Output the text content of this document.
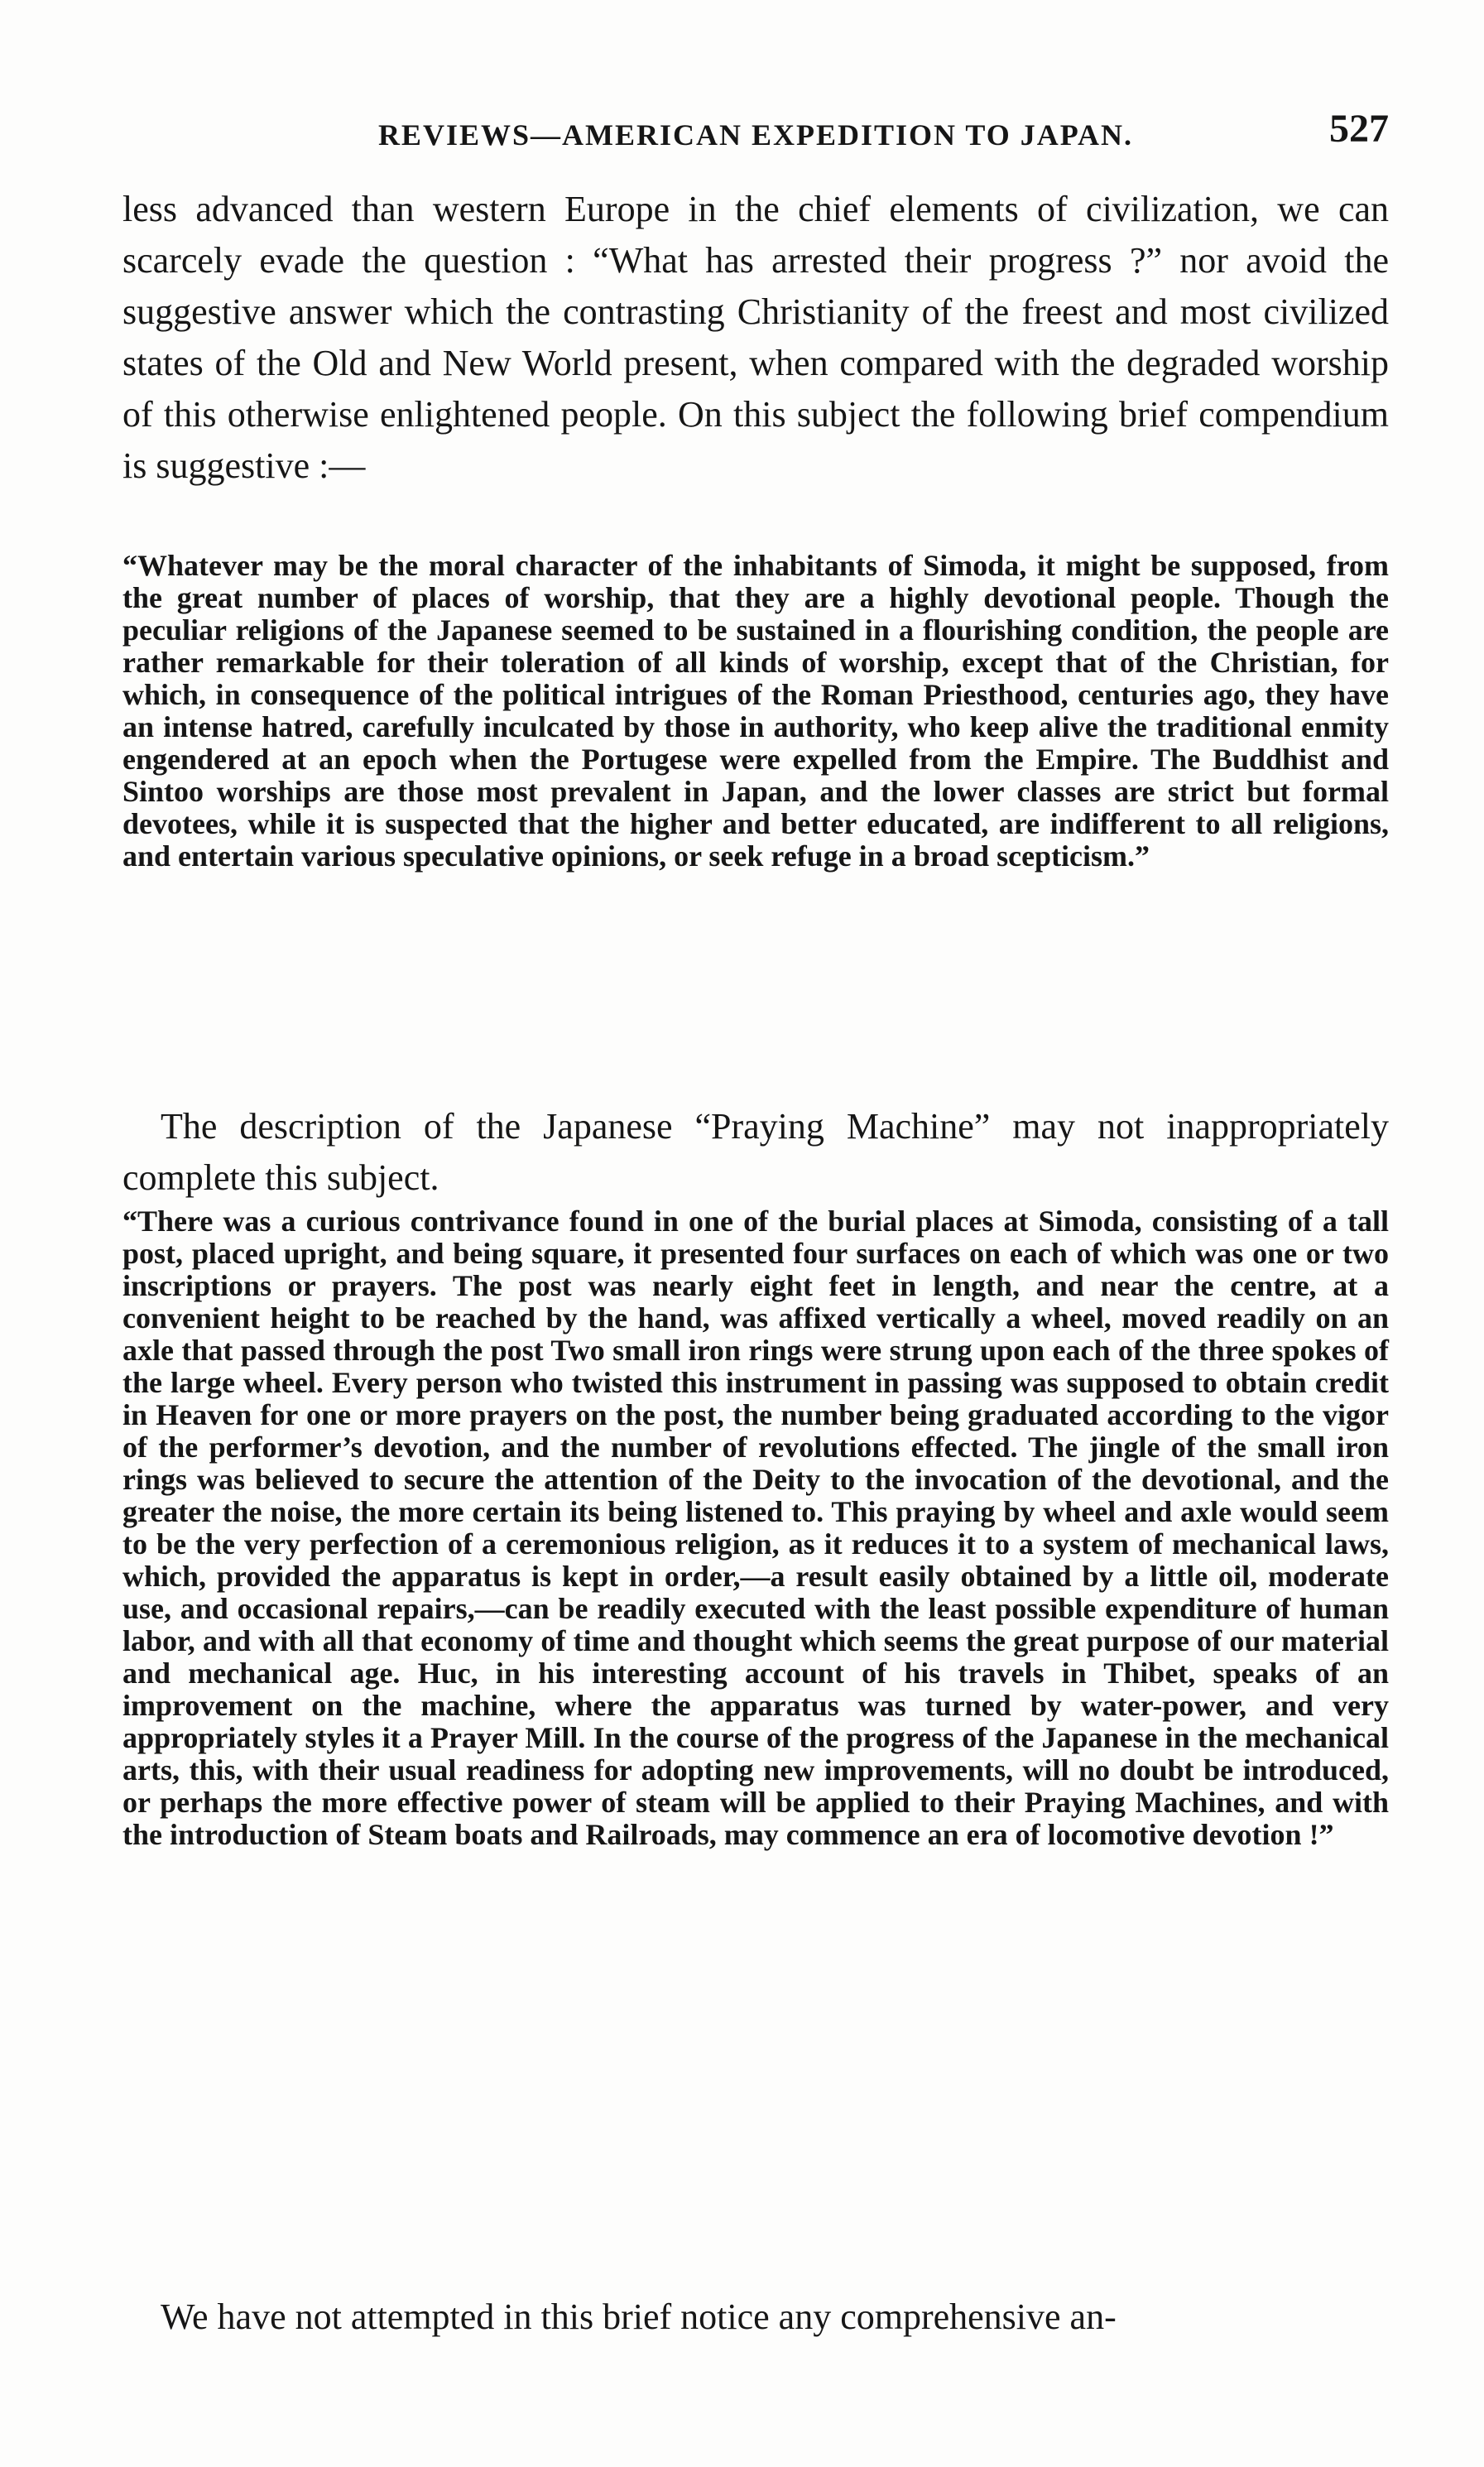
REVIEWS—AMERICAN EXPEDITION TO JAPAN.	527

less advanced than western Europe in the chief elements of civilization, we can scarcely evade the question : “What has arrested their progress ?” nor avoid the suggestive answer which the contrasting Christianity of the freest and most civilized states of the Old and New World present, when compared with the degraded worship of this otherwise enlightened people. On this subject the following brief compendium is suggestive :—

“Whatever may be the moral character of the inhabitants of Simoda, it might be supposed, from the great number of places of worship, that they are a highly devotional people. Though the peculiar religions of the Japanese seemed to be sustained in a flourishing condition, the people are rather remarkable for their toleration of all kinds of worship, except that of the Christian, for which, in consequence of the political intrigues of the Roman Priesthood, centuries ago, they have an intense hatred, carefully inculcated by those in authority, who keep alive the traditional enmity engendered at an epoch when the Portugese were expelled from the Empire. The Buddhist and Sintoo worships are those most prevalent in Japan, and the lower classes are strict but formal devotees, while it is suspected that the higher and better educated, are indifferent to all religions, and entertain various speculative opinions, or seek refuge in a broad scepticism.”

The description of the Japanese “Praying Machine” may not inappropriately complete this subject.

“There was a curious contrivance found in one of the burial places at Simoda, consisting of a tall post, placed upright, and being square, it presented four surfaces on each of which was one or two inscriptions or prayers. The post was nearly eight feet in length, and near the centre, at a convenient height to be reached by the hand, was affixed vertically a wheel, moved readily on an axle that passed through the post Two small iron rings were strung upon each of the three spokes of the large wheel. Every person who twisted this instrument in passing was supposed to obtain credit in Heaven for one or more prayers on the post, the number being graduated according to the vigor of the performer’s devotion, and the number of revolutions effected. The jingle of the small iron rings was believed to secure the attention of the Deity to the invocation of the devotional, and the greater the noise, the more certain its being listened to. This praying by wheel and axle would seem to be the very perfection of a ceremonious religion, as it reduces it to a system of mechanical laws, which, provided the apparatus is kept in order,—a result easily obtained by a little oil, moderate use, and occasional repairs,—can be readily executed with the least possible expenditure of human labor, and with all that economy of time and thought which seems the great purpose of our material and mechanical age. Huc, in his interesting account of his travels in Thibet, speaks of an improvement on the machine, where the apparatus was turned by water-power, and very appropriately styles it a Prayer Mill. In the course of the progress of the Japanese in the mechanical arts, this, with their usual readiness for adopting new improvements, will no doubt be introduced, or perhaps the more effective power of steam will be applied to their Praying Machines, and with the introduction of Steam boats and Railroads, may commence an era of locomotive devotion !”

We have not attempted in this brief notice any comprehensive an-
